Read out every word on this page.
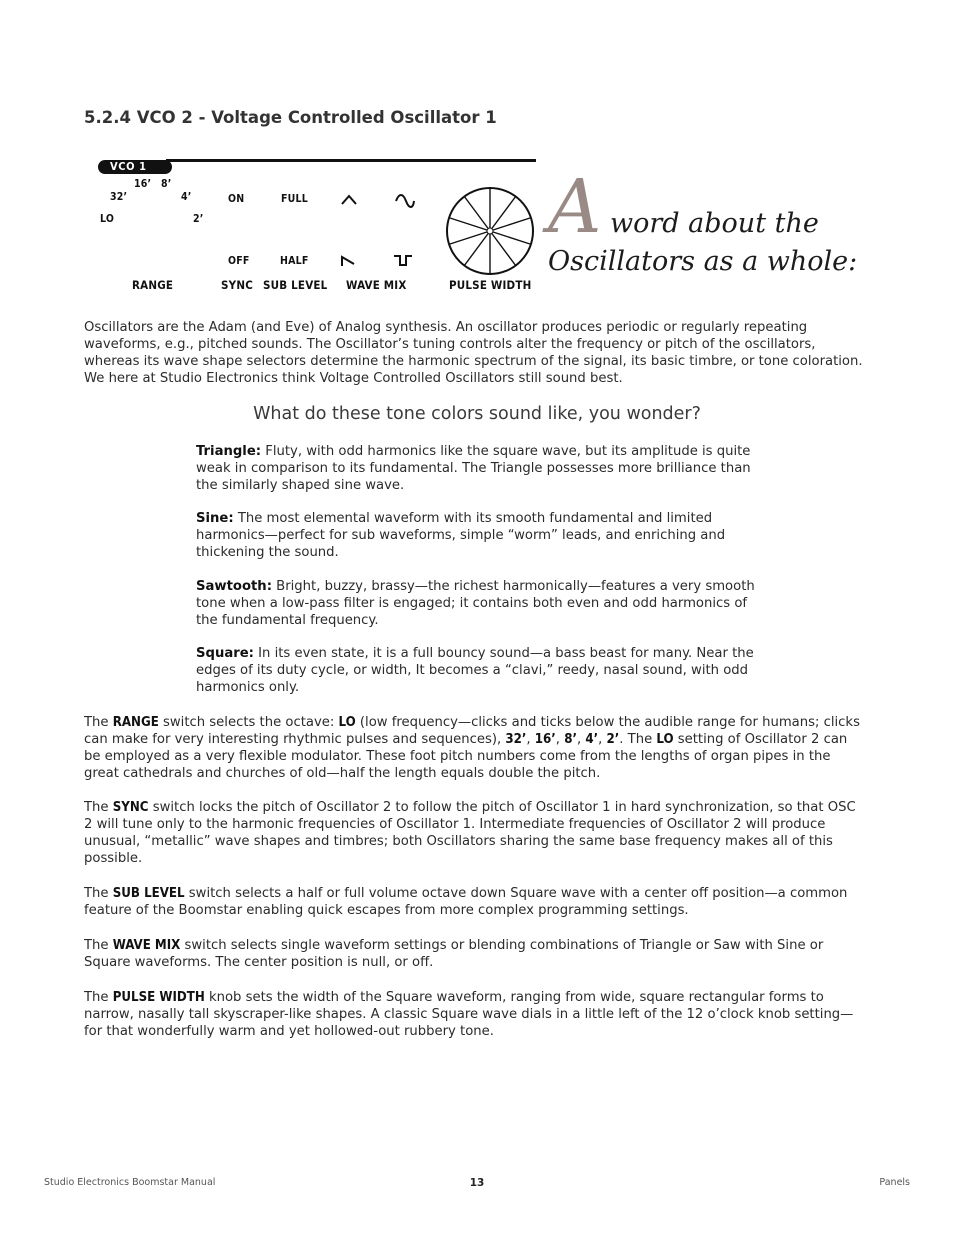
5.2.4 VCO 2 - Voltage Controlled Oscillator 1
VCO 1
LO
32’
16’ 8’
4’
2’
RANGE
ON
OFF
SYNC
FULL
HALF
SUB LEVEL WAVE MIX	PULSE WIDTH
A word about the
Oscillators as a whole:
Oscillators are the Adam (and Eve) of Analog synthesis. An oscillator produces periodic or regularly repeating waveforms, e.g., pitched sounds. The Oscillator’s tuning controls alter the frequency or pitch of the oscillators, whereas its wave shape selectors determine the harmonic spectrum of the signal, its basic timbre, or tone coloration. We here at Studio Electronics think Voltage Controlled Oscillators still sound best.
What do these tone colors sound like, you wonder?
Triangle: Fluty, with odd harmonics like the square wave, but its amplitude is quite weak in comparison to its fundamental. The Triangle possesses more brilliance than the similarly shaped sine wave.
Sine: The most elemental waveform with its smooth fundamental and limited harmonics—perfect for sub waveforms, simple “worm” leads, and enriching and thickening the sound.
Sawtooth: Bright, buzzy, brassy—the richest harmonically—features a very smooth tone when a low-pass filter is engaged; it contains both even and odd harmonics of the fundamental frequency.
Square: In its even state, it is a full bouncy sound—a bass beast for many. Near the edges of its duty cycle, or width, It becomes a “clavi,” reedy, nasal sound, with odd harmonics only.
The RANGE switch selects the octave: LO (low frequency—clicks and ticks below the audible range for humans; clicks can make for very interesting rhythmic pulses and sequences), 32’, 16’, 8’, 4’, 2’. The LO setting of Oscillator 2 can be employed as a very flexible modulator. These foot pitch numbers come from the lengths of organ pipes in the great cathedrals and churches of old—half the length equals double the pitch.
The SYNC switch locks the pitch of Oscillator 2 to follow the pitch of Oscillator 1 in hard synchronization, so that OSC 2 will tune only to the harmonic frequencies of Oscillator 1. Intermediate frequencies of Oscillator 2 will produce unusual, “metallic” wave shapes and timbres; both Oscillators sharing the same base frequency makes all of this possible.
The SUB LEVEL switch selects a half or full volume octave down Square wave with a center off position—a common feature of the Boomstar enabling quick escapes from more complex programming settings.
The WAVE MIX switch selects single waveform settings or blending combinations of Triangle or Saw with Sine or Square waveforms. The center position is null, or off.
The PULSE WIDTH knob sets the width of the Square waveform, ranging from wide, square rectangular forms to narrow, nasally tall skyscraper-like shapes. A classic Square wave dials in a little left of the 12 o’clock knob setting—for that wonderfully warm and yet hollowed-out rubbery tone.
Studio Electronics Boomstar Manual	13	Panels
